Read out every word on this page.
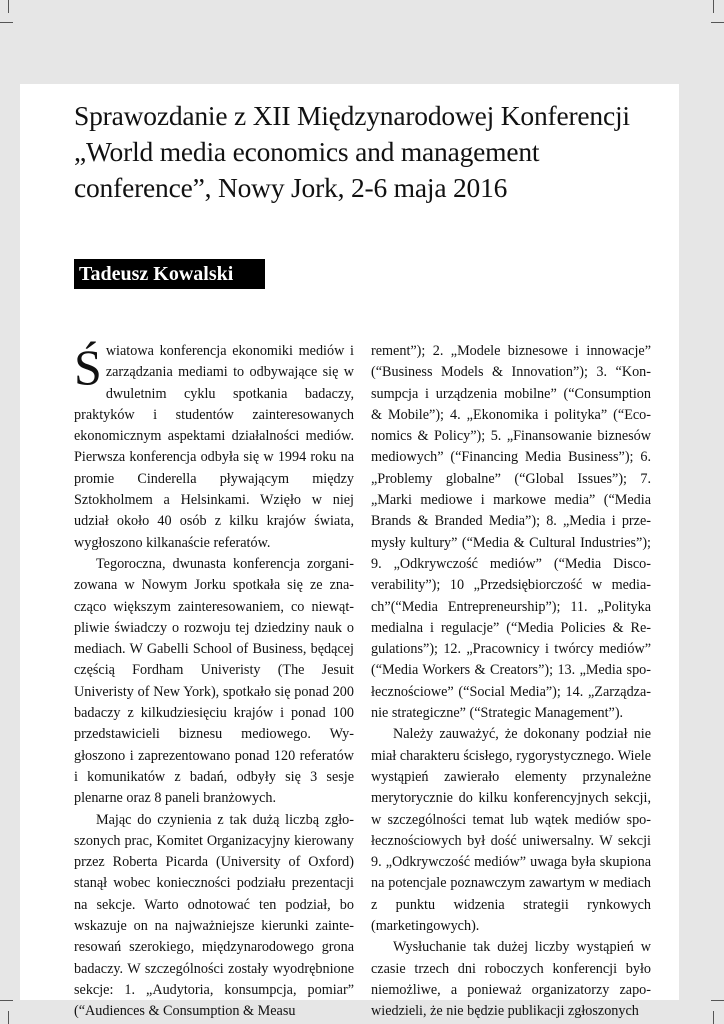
Sprawozdanie z XII Międzynarodowej Konferencji
„World media economics and management
conference”, Nowy Jork, 2-6 maja 2016
Tadeusz Kowalski

Światowa konferencja ekonomiki mediów i zarządzania mediami to odbywające się w dwuletnim cyklu spotkania badaczy, praktyków i studentów zainteresowanych ekonomicznym aspektami działalności mediów. Pierwsza konferencja odbyła się w 1994 roku na promie Cinderella pływającym między Sztokholmem a Helsinkami. Wzięło w niej udział około 40 osób z kilku krajów świata, wygłoszono kilkanaście referatów.

Tegoroczna, dwunasta konferencja zorganizowana w Nowym Jorku spotkała się ze znacząco większym zainteresowaniem, co niewątpliwie świadczy o rozwoju tej dziedziny nauk o mediach. W Gabelli School of Business, będącej częścią Fordham Univeristy (The Jesuit Univeristy of New York), spotkało się ponad 200 badaczy z kilkudziesięciu krajów i ponad 100 przedstawicieli biznesu mediowego. Wygłoszono i zaprezentowano ponad 120 referatów i komunikatów z badań, odbyły się 3 sesje plenarne oraz 8 paneli branżowych.

Mając do czynienia z tak dużą liczbą zgłoszonych prac, Komitet Organizacyjny kierowany przez Roberta Picarda (University of Oxford) stanął wobec konieczności podziału prezentacji na sekcje. Warto odnotować ten podział, bo wskazuje on na najważniejsze kierunki zainteresowań szerokiego, międzynarodowego grona badaczy. W szczególności zostały wyodrębnione sekcje: 1. „Audytoria, konsumpcja, pomiar” (“Audiences & Consumption & Measu

rement”); 2. „Modele biznesowe i innowacje” (“Business Models & Innovation”); 3. “Konsumpcja i urządzenia mobilne” (“Consumption & Mobile”); 4. „Ekonomika i polityka” (“Economics & Policy”); 5. „Finansowanie biznesów mediowych” (“Financing Media Business”); 6. „Problemy globalne” (“Global Issues”); 7. „Marki mediowe i markowe media” (“Media Brands & Branded Media”); 8. „Media i przemysły kultury” (“Media & Cultural Industries”); 9. „Odkrywczość mediów” (“Media Discoverability”); 10 „Przedsiębiorczość w mediach”(“Media Entrepreneurship”); 11. „Polityka medialna i regulacje” (“Media Policies & Regulations”); 12. „Pracownicy i twórcy mediów” (“Media Workers & Creators”); 13. „Media społecznościowe” (“Social Media”); 14. „Zarządzanie strategiczne” (“Strategic Management”).

Należy zauważyć, że dokonany podział nie miał charakteru ścisłego, rygorystycznego. Wiele wystąpień zawierało elementy przynależne merytorycznie do kilku konferencyjnych sekcji, w szczególności temat lub wątek mediów społecznościowych był dość uniwersalny. W sekcji 9. „Odkrywczość mediów” uwaga była skupiona na potencjale poznawczym zawartym w mediach z punktu widzenia strategii rynkowych (marketingowych).

Wysłuchanie tak dużej liczby wystąpień w czasie trzech dni roboczych konferencji było niemożliwe, a ponieważ organizatorzy zapowiedzieli, że nie będzie publikacji zgłoszonych
